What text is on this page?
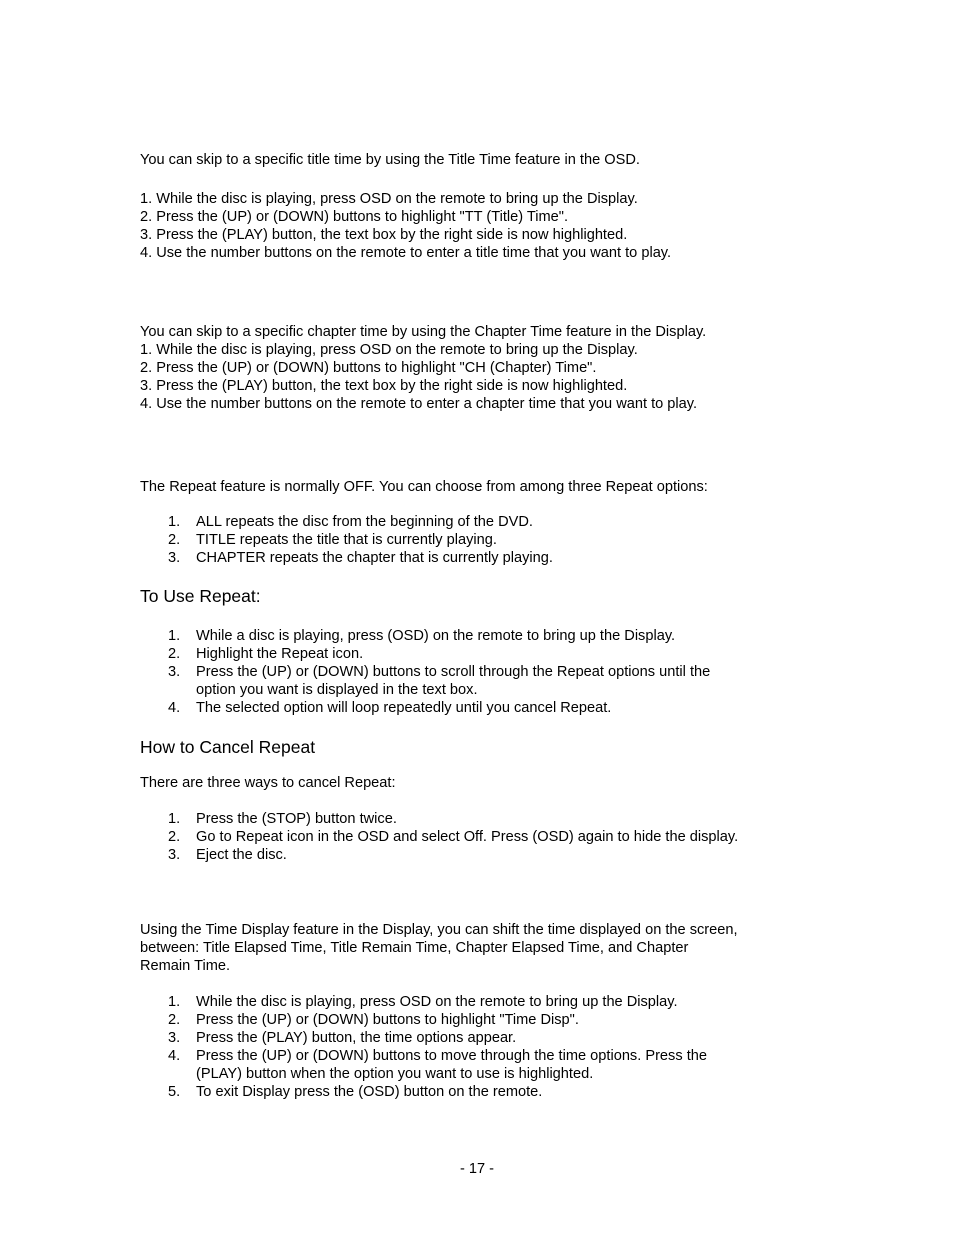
You can skip to a specific title time by using the Title Time feature in the OSD.
1. While the disc is playing, press OSD on the remote to bring up the Display.
2. Press the (UP) or (DOWN) buttons to highlight "TT (Title) Time".
3. Press the (PLAY) button, the text box by the right side is now highlighted.
4. Use the number buttons on the remote to enter a title time that you want to play.
You can skip to a specific chapter time by using the Chapter Time feature in the Display.
1. While the disc is playing, press OSD on the remote to bring up the Display.
2. Press the (UP) or (DOWN) buttons to highlight "CH (Chapter) Time".
3. Press the (PLAY) button, the text box by the right side is now highlighted.
4. Use the number buttons on the remote to enter a chapter time that you want to play.
The Repeat feature is normally OFF. You can choose from among three Repeat options:
1. ALL repeats the disc from the beginning of the DVD.
2. TITLE repeats the title that is currently playing.
3. CHAPTER repeats the chapter that is currently playing.
To Use Repeat:
1. While a disc is playing, press (OSD) on the remote to bring up the Display.
2. Highlight the Repeat icon.
3. Press the (UP) or (DOWN) buttons to scroll through the Repeat options until the
option you want is displayed in the text box.
4. The selected option will loop repeatedly until you cancel Repeat.
How to Cancel Repeat
There are three ways to cancel Repeat:
1. Press the (STOP) button twice.
2. Go to Repeat icon in the OSD and select Off. Press (OSD) again to hide the display.
3. Eject the disc.
Using the Time Display feature in the Display, you can shift the time displayed on the screen,
between: Title Elapsed Time, Title Remain Time, Chapter Elapsed Time, and Chapter
Remain Time.
1. While the disc is playing, press OSD on the remote to bring up the Display.
2. Press the (UP) or (DOWN) buttons to highlight "Time Disp".
3. Press the (PLAY) button, the time options appear.
4. Press the (UP) or (DOWN) buttons to move through the time options. Press the
(PLAY) button when the option you want to use is highlighted.
5. To exit Display press the (OSD) button on the remote.
- 17 -
